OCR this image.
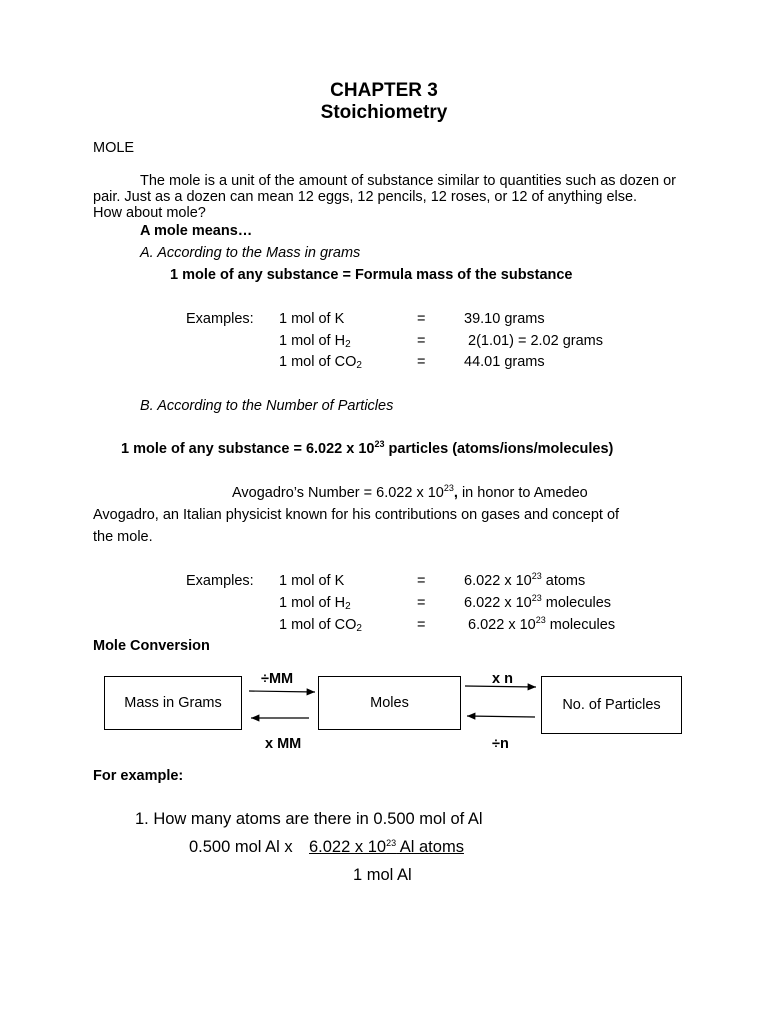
CHAPTER 3
Stoichiometry
MOLE
The mole is a unit of the amount of substance similar to quantities such as dozen or
pair. Just as a dozen can mean 12 eggs, 12 pencils, 12 roses, or 12 of anything else.
How about mole?
A mole means…
A. According to the Mass in grams
1 mole of any substance = Formula mass of the substance
Examples: 1 mol of K	=	39.10 grams
1 mol of $H_2$	=	2(1.01) = 2.02 grams
1 mol of $CO_2$	=	44.01 grams
B. According to the Number of Particles
1 mole of any substance = 6.022 x $10^{23}$ particles (atoms/ions/molecules)
Avogadro’s Number = 6.022 x $10^{23}$, in honor to Amedeo
Avogadro, an Italian physicist known for his contributions on gases and concept of
the mole.
Examples: 1 mol of K	=	6.022 x $10^{23}$ atoms
1 mol of $H_2$	=	6.022 x $10^{23}$ molecules
1 mol of $CO_2$	=	6.022 x $10^{23}$ molecules
Mole Conversion
Mass in Grams	Moles	No. of Particles
÷MM
x MM
x n
÷n
For example:
1. How many atoms are there in 0.500 mol of Al
0.500 mol Al x 6.022 x $10^{23}$ Al atoms
1 mol Al
